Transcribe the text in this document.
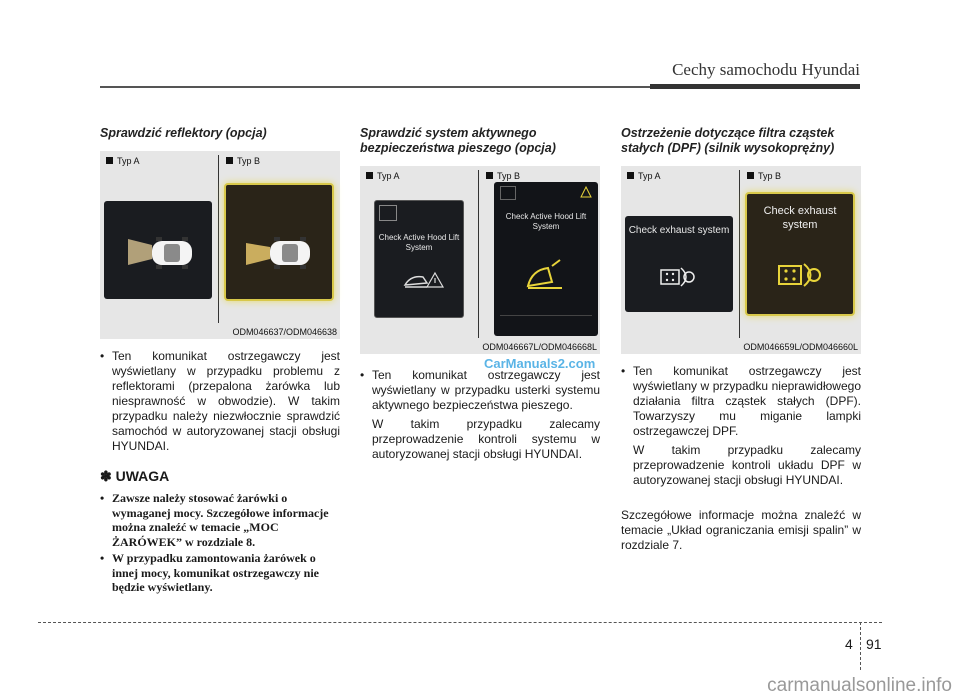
Cechy samochodu Hyundai
Sprawdzić reflektory (opcja)
Typ A	Typ B
ODM046637/ODM046638
• Ten komunikat ostrzegawczy jest wyświetlany w przypadku problemu z reflektorami (przepalona żarówka lub niesprawność w obwodzie). W takim przypadku należy niezwłocznie sprawdzić samochód w autoryzowanej stacji obsługi HYUNDAI.
✽ UWAGA
• Zawsze należy stosować żarówki o wymaganej mocy. Szczegółowe informacje można znaleźć w temacie „MOC ŻARÓWEK” w rozdziale 8.
• W przypadku zamontowania żarówek o innej mocy, komunikat ostrzegawczy nie będzie wyświetlany.
Sprawdzić system aktywnego bezpieczeństwa pieszego (opcja)
Typ A	Typ B
Check Active Hood Lift System
Check Active Hood Lift System
ODM046667L/ODM046668L
• Ten komunikat ostrzegawczy jest wyświetlany w przypadku usterki systemu aktywnego bezpieczeństwa pieszego.
W takim przypadku zalecamy przeprowadzenie kontroli systemu w autoryzowanej stacji obsługi HYUNDAI.
Ostrzeżenie dotyczące filtra cząstek stałych (DPF) (silnik wysokoprężny)
Typ A	Typ B
Check exhaust system
Check exhaust system
ODM046659L/ODM046660L
• Ten komunikat ostrzegawczy jest wyświetlany w przypadku nieprawidłowego działania filtra cząstek stałych (DPF). Towarzyszy mu miganie lampki ostrzegawczej DPF.
W takim przypadku zalecamy przeprowadzenie kontroli układu DPF w autoryzowanej stacji obsługi HYUNDAI.
Szczegółowe informacje można znaleźć w temacie „Układ ograniczania emisji spalin” w rozdziale 7.
CarManuals2.com
4 91
carmanualsonline.info
